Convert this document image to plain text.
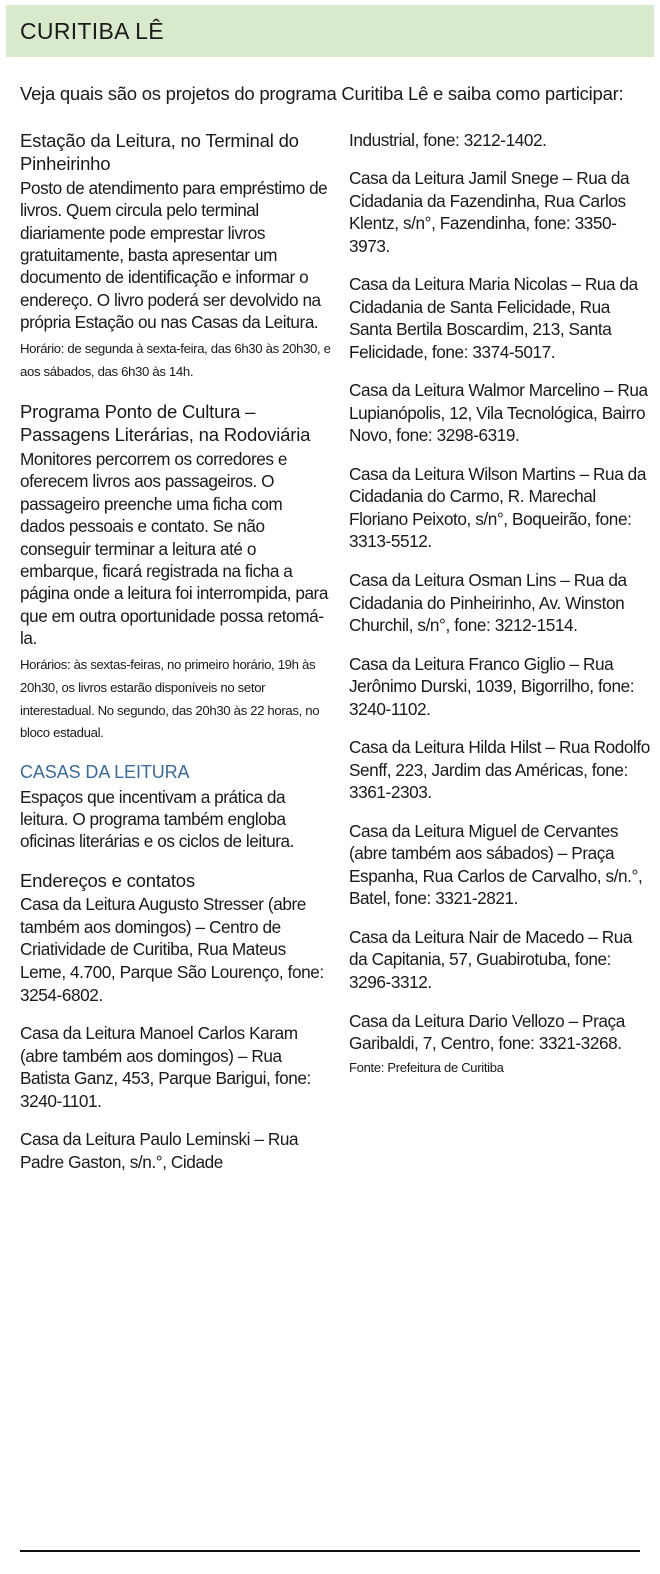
CURITIBA LÊ

Veja quais são os projetos do programa Curitiba Lê e saiba como participar:

Estação da Leitura, no Terminal do Pinheirinho

Posto de atendimento para empréstimo de livros. Quem circula pelo terminal diariamente pode emprestar livros gratuitamente, basta apresentar um documento de identificação e informar o endereço. O livro poderá ser devolvido na própria Estação ou nas Casas da Leitura.

Horário: de segunda à sexta-feira, das 6h30 às 20h30, e aos sábados, das 6h30 às 14h.

Programa Ponto de Cultura – Passagens Literárias, na Rodoviária

Monitores percorrem os corredores e oferecem livros aos passageiros. O passageiro preenche uma ficha com dados pessoais e contato. Se não conseguir terminar a leitura até o embarque, ficará registrada na ficha a página onde a leitura foi interrompida, para que em outra oportunidade possa retomá-la.

Horários: às sextas-feiras, no primeiro horário, 19h às 20h30, os livros estarão disponíveis no setor interestadual. No segundo, das 20h30 às 22 horas, no bloco estadual.

CASAS DA LEITURA

Espaços que incentivam a prática da leitura. O programa também engloba oficinas literárias e os ciclos de leitura.

Endereços e contatos

Casa da Leitura Augusto Stresser (abre também aos domingos) – Centro de Criatividade de Curitiba, Rua Mateus Leme, 4.700, Parque São Lourenço, fone: 3254-6802.

Casa da Leitura Manoel Carlos Karam (abre também aos domingos) – Rua Batista Ganz, 453, Parque Barigui, fone: 3240-1101.

Casa da Leitura Paulo Leminski – Rua Padre Gaston, s/n.°, Cidade

Industrial, fone: 3212-1402.

Casa da Leitura Jamil Snege – Rua da Cidadania da Fazendinha, Rua Carlos Klentz, s/n°, Fazendinha, fone: 3350-3973.

Casa da Leitura Maria Nicolas – Rua da Cidadania de Santa Felicidade, Rua Santa Bertila Boscardim, 213, Santa Felicidade, fone: 3374-5017.

Casa da Leitura Walmor Marcelino – Rua Lupianópolis, 12, Vila Tecnológica, Bairro Novo, fone: 3298-6319.

Casa da Leitura Wilson Martins – Rua da Cidadania do Carmo, R. Marechal Floriano Peixoto, s/n°, Boqueirão, fone: 3313-5512.

Casa da Leitura Osman Lins – Rua da Cidadania do Pinheirinho, Av. Winston Churchil, s/n°, fone: 3212-1514.

Casa da Leitura Franco Giglio – Rua Jerônimo Durski, 1039, Bigorrilho, fone: 3240-1102.

Casa da Leitura Hilda Hilst – Rua Rodolfo Senff, 223, Jardim das Américas, fone: 3361-2303.

Casa da Leitura Miguel de Cervantes (abre também aos sábados) – Praça Espanha, Rua Carlos de Carvalho, s/n.°, Batel, fone: 3321-2821.

Casa da Leitura Nair de Macedo – Rua da Capitania, 57, Guabirotuba, fone: 3296-3312.

Casa da Leitura Dario Vellozo – Praça Garibaldi, 7, Centro, fone: 3321-3268.

Fonte: Prefeitura de Curitiba
